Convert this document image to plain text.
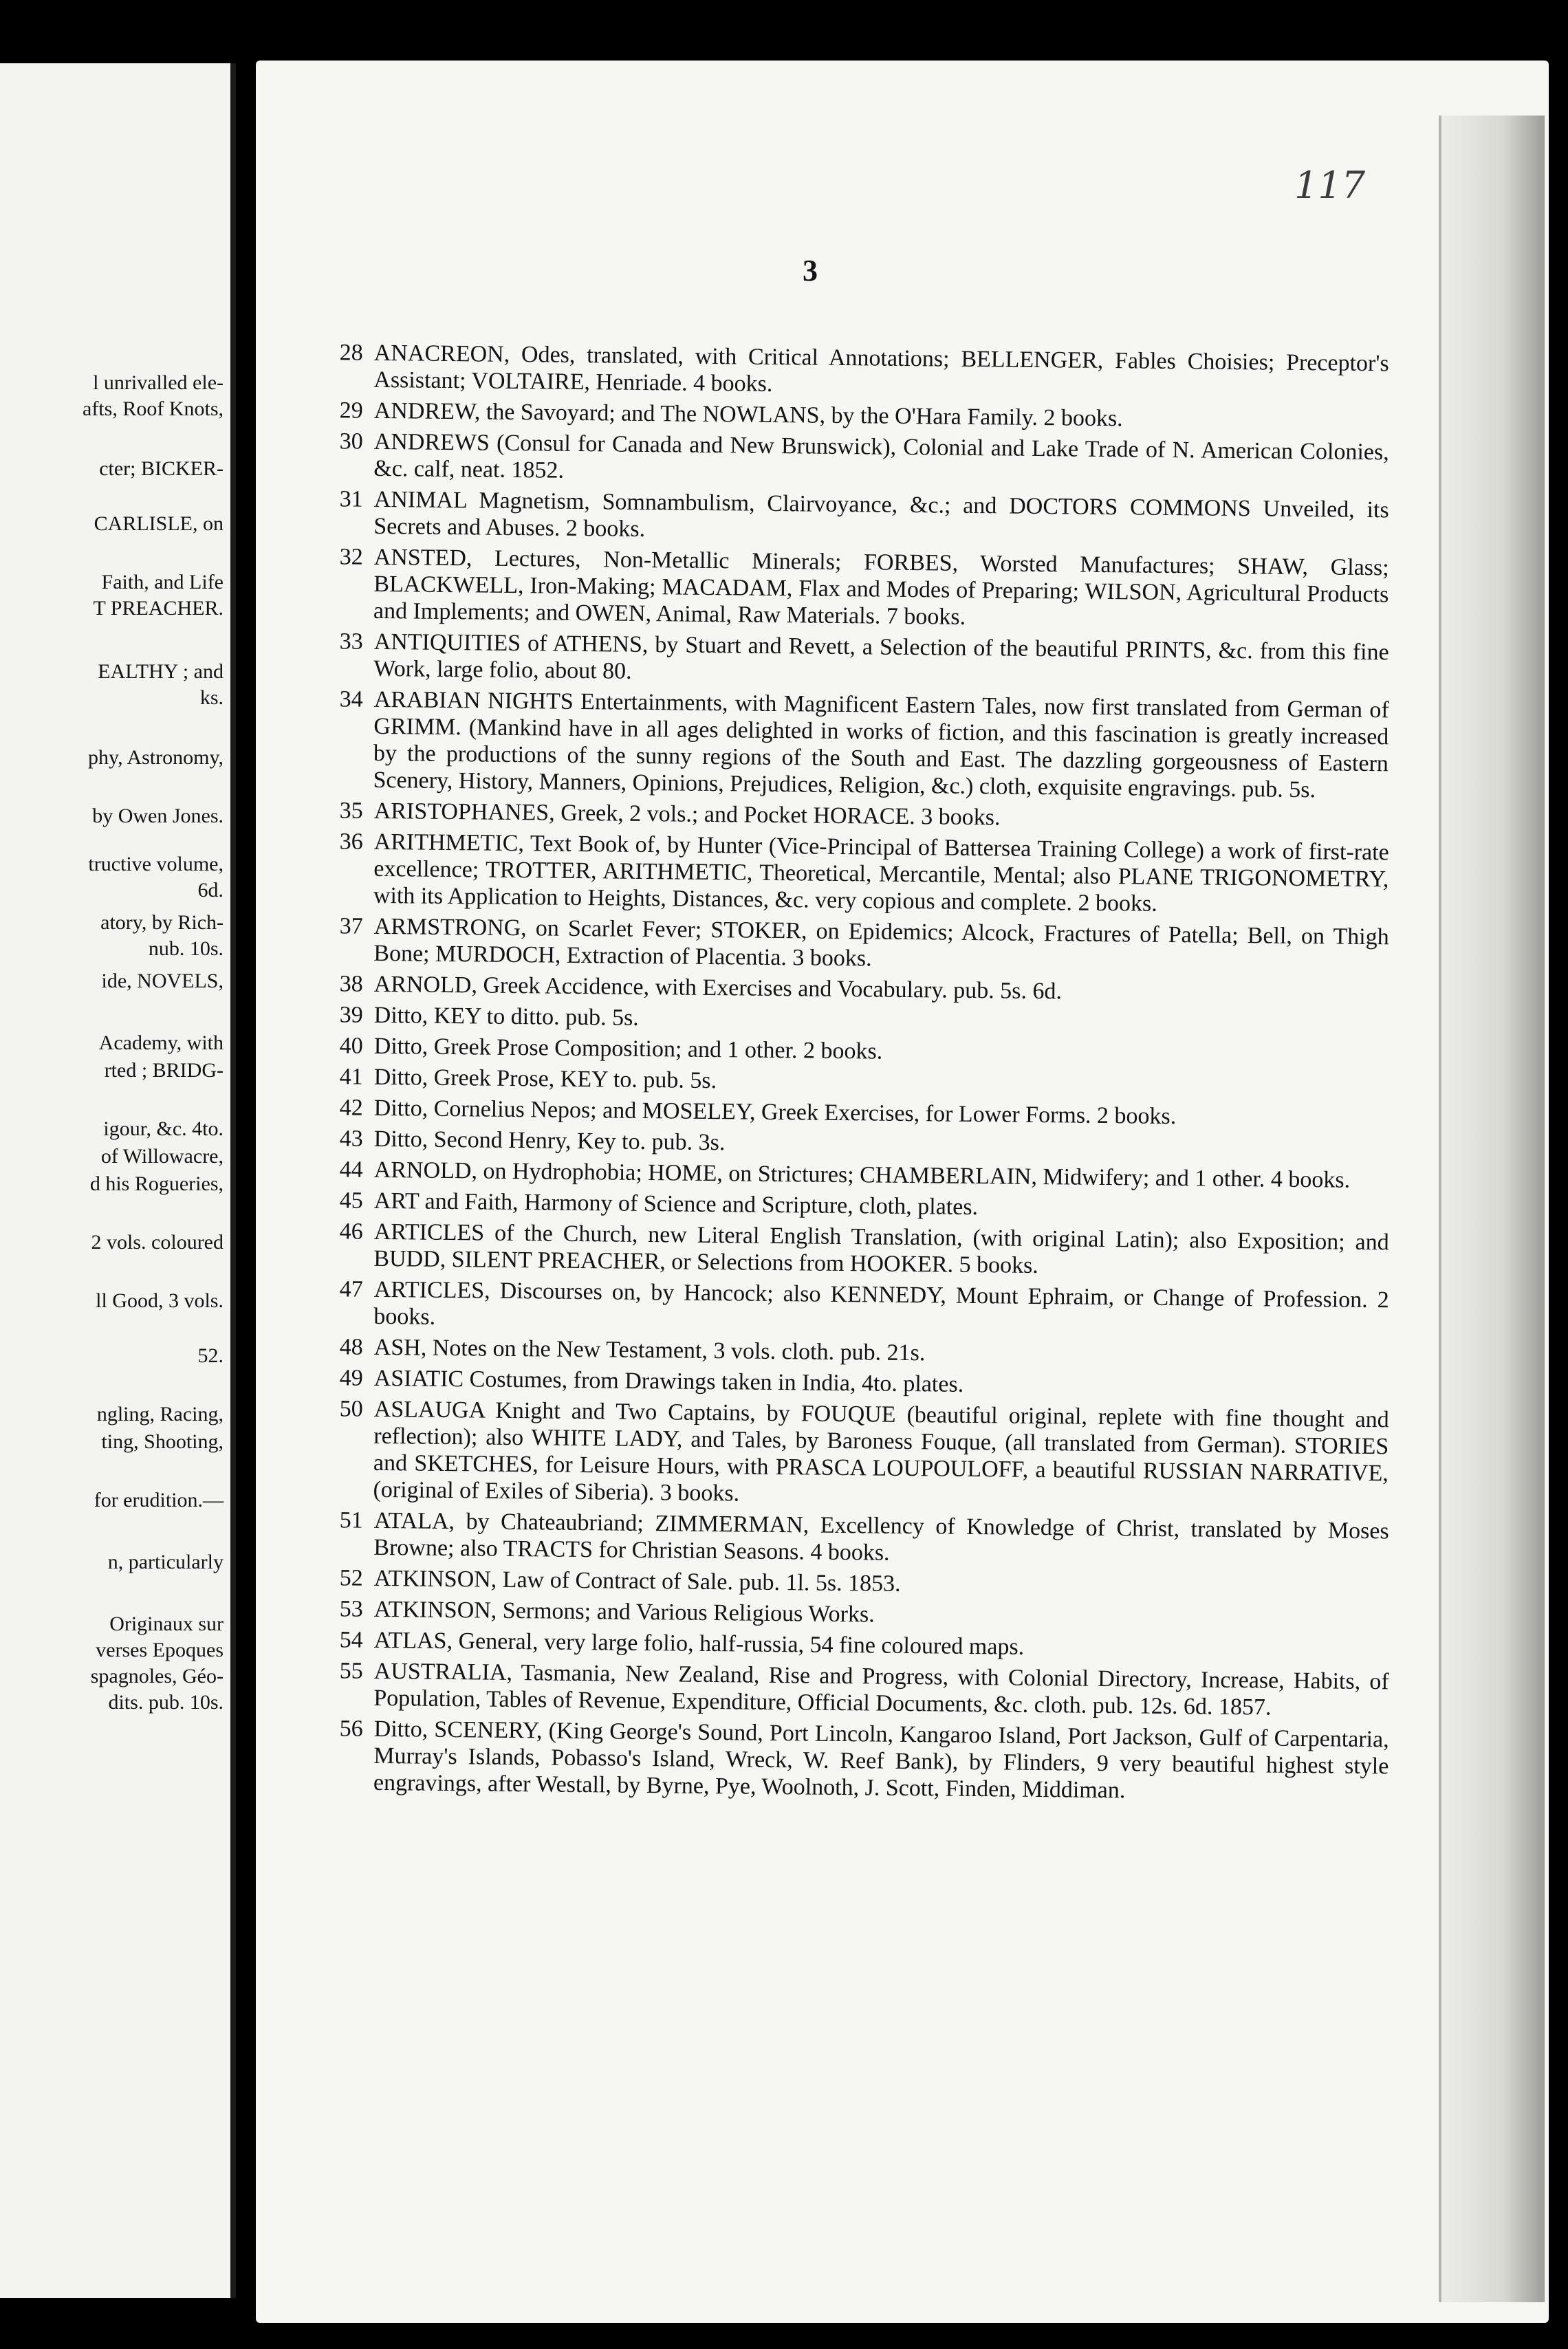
l unrivalled ele-
afts, Roof Knots,
cter; BICKER-
CARLISLE, on
Faith, and Life
T PREACHER.
EALTHY ; and
ks.
phy, Astronomy,
by Owen Jones.
tructive volume,
6d.
atory, by Rich-
nub. 10s.
ide, NOVELS,
Academy, with
rted ; BRIDG-
igour, &c. 4to.
of Willowacre,
d his Rogueries,
2 vols. coloured
ll Good, 3 vols.
52.
ngling, Racing,
ting, Shooting,
for erudition.—
n, particularly
Originaux sur
verses Epoques
spagnoles, Géo-
dits. pub. 10s.
117
3
28 ANACREON, Odes, translated, with Critical Annotations; BELLENGER, Fables Choisies; Preceptor's Assistant; VOLTAIRE, Henriade. 4 books.
29 ANDREW, the Savoyard; and The NOWLANS, by the O'Hara Family. 2 books.
30 ANDREWS (Consul for Canada and New Brunswick), Colonial and Lake Trade of N. American Colonies, &c. calf, neat. 1852.
31 ANIMAL Magnetism, Somnambulism, Clairvoyance, &c.; and DOCTORS COMMONS Unveiled, its Secrets and Abuses. 2 books.
32 ANSTED, Lectures, Non-Metallic Minerals; FORBES, Worsted Manufactures; SHAW, Glass; BLACKWELL, Iron-Making; MACADAM, Flax and Modes of Preparing; WILSON, Agricultural Products and Implements; and OWEN, Animal, Raw Materials. 7 books.
33 ANTIQUITIES of ATHENS, by Stuart and Revett, a Selection of the beautiful PRINTS, &c. from this fine Work, large folio, about 80.
34 ARABIAN NIGHTS Entertainments, with Magnificent Eastern Tales, now first translated from German of GRIMM. (Mankind have in all ages delighted in works of fiction, and this fascination is greatly increased by the productions of the sunny regions of the South and East. The dazzling gorgeousness of Eastern Scenery, History, Manners, Opinions, Prejudices, Religion, &c.) cloth, exquisite engravings. pub. 5s.
35 ARISTOPHANES, Greek, 2 vols.; and Pocket HORACE. 3 books.
36 ARITHMETIC, Text Book of, by Hunter (Vice-Principal of Battersea Training College) a work of first-rate excellence; TROTTER, ARITHMETIC, Theoretical, Mercantile, Mental; also PLANE TRIGONOMETRY, with its Application to Heights, Distances, &c. very copious and complete. 2 books.
37 ARMSTRONG, on Scarlet Fever; STOKER, on Epidemics; Alcock, Fractures of Patella; Bell, on Thigh Bone; MURDOCH, Extraction of Placentia. 3 books.
38 ARNOLD, Greek Accidence, with Exercises and Vocabulary. pub. 5s. 6d.
39 Ditto, KEY to ditto. pub. 5s.
40 Ditto, Greek Prose Composition; and 1 other. 2 books.
41 Ditto, Greek Prose, KEY to. pub. 5s.
42 Ditto, Cornelius Nepos; and MOSELEY, Greek Exercises, for Lower Forms. 2 books.
43 Ditto, Second Henry, Key to. pub. 3s.
44 ARNOLD, on Hydrophobia; HOME, on Strictures; CHAMBERLAIN, Midwifery; and 1 other. 4 books.
45 ART and Faith, Harmony of Science and Scripture, cloth, plates.
46 ARTICLES of the Church, new Literal English Translation, (with original Latin); also Exposition; and BUDD, SILENT PREACHER, or Selections from HOOKER. 5 books.
47 ARTICLES, Discourses on, by Hancock; also KENNEDY, Mount Ephraim, or Change of Profession. 2 books.
48 ASH, Notes on the New Testament, 3 vols. cloth. pub. 21s.
49 ASIATIC Costumes, from Drawings taken in India, 4to. plates.
50 ASLAUGA Knight and Two Captains, by FOUQUE (beautiful original, replete with fine thought and reflection); also WHITE LADY, and Tales, by Baroness Fouque, (all translated from German). STORIES and SKETCHES, for Leisure Hours, with PRASCA LOUPOULOFF, a beautiful RUSSIAN NARRATIVE, (original of Exiles of Siberia). 3 books.
51 ATALA, by Chateaubriand; ZIMMERMAN, Excellency of Knowledge of Christ, translated by Moses Browne; also TRACTS for Christian Seasons. 4 books.
52 ATKINSON, Law of Contract of Sale. pub. 1l. 5s. 1853.
53 ATKINSON, Sermons; and Various Religious Works.
54 ATLAS, General, very large folio, half-russia, 54 fine coloured maps.
55 AUSTRALIA, Tasmania, New Zealand, Rise and Progress, with Colonial Directory, Increase, Habits, of Population, Tables of Revenue, Expenditure, Official Documents, &c. cloth. pub. 12s. 6d. 1857.
56 Ditto, SCENERY, (King George's Sound, Port Lincoln, Kangaroo Island, Port Jackson, Gulf of Carpentaria, Murray's Islands, Pobasso's Island, Wreck, W. Reef Bank), by Flinders, 9 very beautiful highest style engravings, after Westall, by Byrne, Pye, Woolnoth, J. Scott, Finden, Middiman.
